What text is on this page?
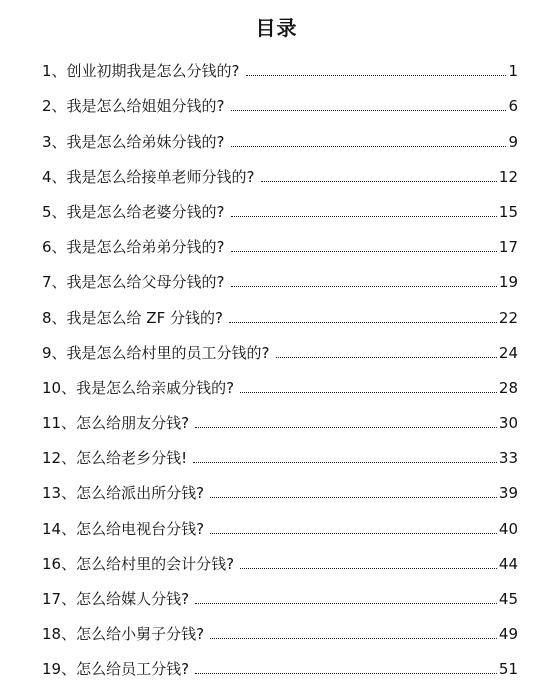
目录
1、创业初期我是怎么分钱的?	1
2、我是怎么给姐姐分钱的?	6
3、我是怎么给弟妹分钱的?	9
4、我是怎么给接单老师分钱的?	12
5、我是怎么给老婆分钱的?	15
6、我是怎么给弟弟分钱的?	17
7、我是怎么给父母分钱的?	19
8、我是怎么给 ZF 分钱的?	22
9、我是怎么给村里的员工分钱的?	24
10、我是怎么给亲戚分钱的?	28
11、怎么给朋友分钱?	30
12、怎么给老乡分钱!	33
13、怎么给派出所分钱?	39
14、怎么给电视台分钱?	40
16、怎么给村里的会计分钱?	44
17、怎么给媒人分钱?	45
18、怎么给小舅子分钱?	49
19、怎么给员工分钱?	51
